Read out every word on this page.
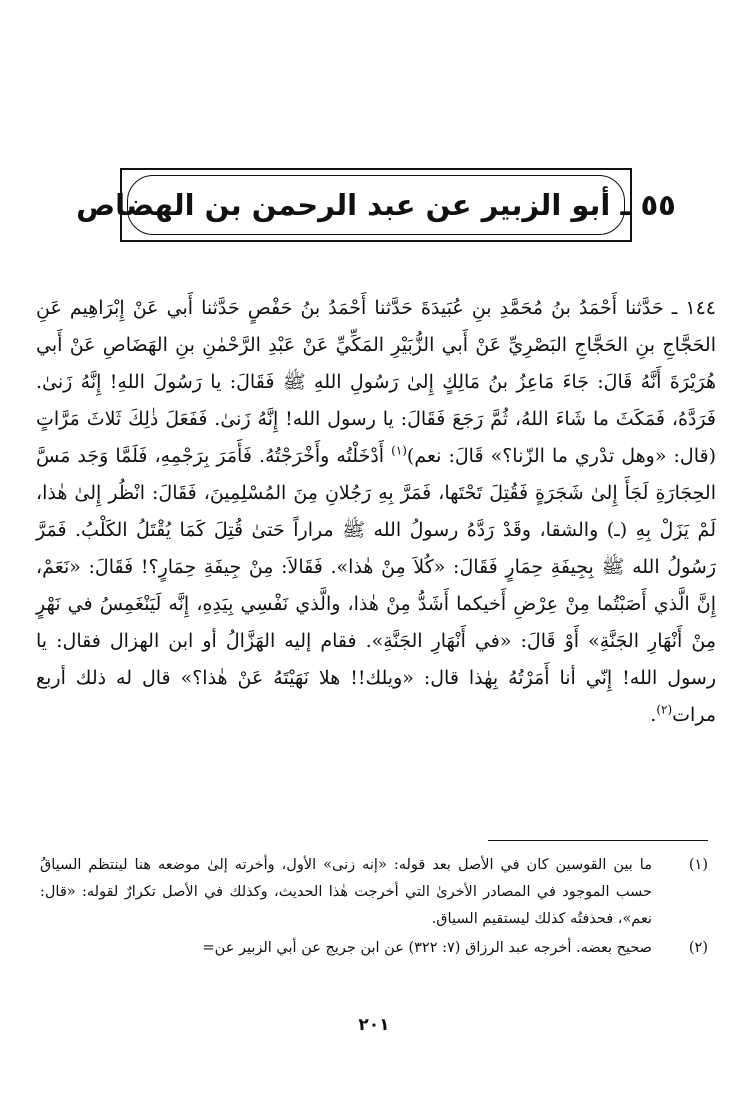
٥٥ ـ أبو الزبير عن عبد الرحمن بن الهضاص

١٤٤ ـ حَدَّثنا أَحْمَدُ بنُ مُحَمَّدِ بنِ عُبَيدَةَ حَدَّثنا أَحْمَدُ بنُ حَفْصٍ حَدَّثنا أَبي عَنْ إِبْرَاهِيم عَنِ الحَجَّاجِ بنِ الحَجَّاجِ البَصْرِيِّ عَنْ أَبي الزُّبَيْرِ المَكِّيِّ عَنْ عَبْدِ الرَّحْمٰنِ بنِ الهَضَاصِ عَنْ أَبي هُرَيْرَةَ أَنَّهُ قَالَ: جَاءَ مَاعِزُ بنُ مَالِكٍ إِلىٰ رَسُولِ اللهِ ﷺ فَقَالَ: يا رَسُولَ اللهِ! إِنَّهُ زَنىٰ. فَرَدَّهُ، فَمَكَثَ ما شَاءَ اللهُ، ثُمَّ رَجَعَ فَقَالَ: يا رسول الله! إِنَّهُ زَنىٰ. فَفَعَلَ ذٰلِكَ ثَلاثَ مَرَّاتٍ (قال: «وهل تدْري ما الزّنا؟» قَالَ: نعم)$^{(١)}$ أَدْخَلْتُه وأَخْرَجْتُهُ. فَأَمَرَ بِرَجْمِهِ، فَلَمَّا وَجَد مَسَّ الحِجَارَةِ لَجَأَ إِلىٰ شَجَرَةٍ فَقُتِلَ تَحْتَها، فَمَرَّ بِهِ رَجُلانِ مِنَ المُسْلِمِينَ، فَقَالَ: انْظُر إِلىٰ هٰذا، لَمْ يَزَلْ بِهِ (ـ) والشقا، وقَدْ رَدَّهُ رسولُ الله ﷺ مراراً حَتىٰ قُتِلَ كَمَا يُقْتَلُ الكَلْبُ. فَمَرَّ رَسُولُ الله ﷺ بِجِيفَةِ حِمَارٍ فَقَالَ: «كُلاَ مِنْ هٰذا». فَقَالاَ: مِنْ جِيفَةِ حِمَارٍ؟! فَقَالَ: «نَعَمْ، إِنَّ الَّذي أَصَبْتُما مِنْ عِرْضِ أَخيكما أَشَدُّ مِنْ هٰذا، والَّذي نَفْسِي بِيَدِهِ، إِنَّه لَيَنْغَمِسُ في نَهْرٍ مِنْ أَنْهَارِ الجَنَّةِ» أَوْ قَالَ: «في أَنْهَارِ الجَنَّةِ». فقام إليه الهَزَّالُ أو ابن الهزال فقال: يا رسول الله! إِنّي أنا أَمَرْتُهُ بِهٰذا قال: «ويلك!! هلا نَهَيْتَهُ عَنْ هٰذا؟» قال له ذلك أربع مرات$^{(٢)}$.

(١)
ما بين القوسين كان في الأصل بعد قوله: «إنه زنى» الأول، وأخرته إلىٰ موضعه هنا لينتظم السياقُ حسب الموجود في المصادر الأخرىٰ التي أخرجت هٰذا الحديث، وكذلك في الأصل تكرارٌ لقوله: «قال: نعم»، فحذفتُه كذلك ليستقيم السياق.
(٢)
صحيح بعضه. أخرجه عبد الرزاق (٧: ٣٢٢) عن ابن جريج عن أبي الزبير عن=
٢٠١
